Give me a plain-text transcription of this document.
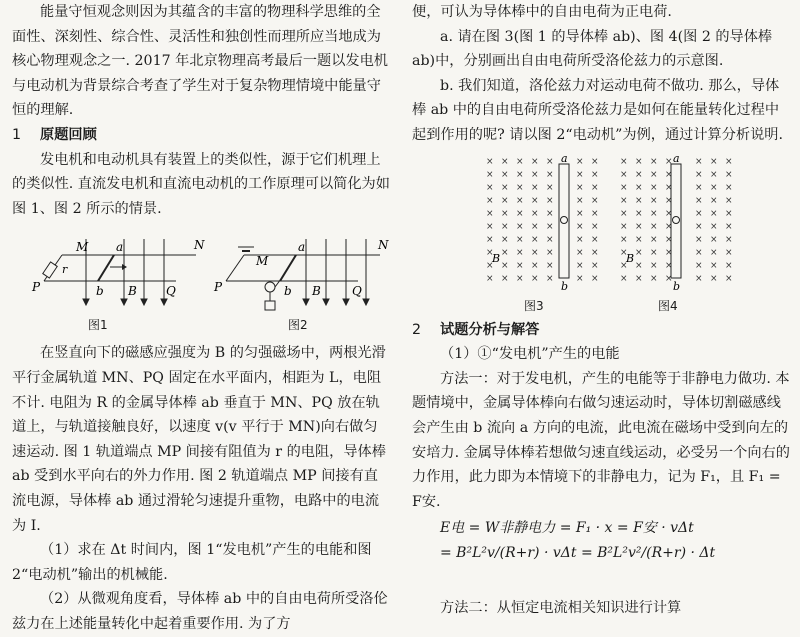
能量守恒观念则因为其蕴含的丰富的物理科学思维的全面性、深刻性、综合性、灵活性和独创性而理所应当地成为核心物理观念之一. 2017 年北京物理高考最后一题以发电机与电动机为背景综合考查了学生对于复杂物理情境中能量守恒的理解.

1 原题回顾

发电机和电动机具有装置上的类似性，源于它们机理上的类似性. 直流发电机和直流电动机的工作原理可以简化为如图 1、图 2 所示的情景.

P
M a
b B Q
N
r
图1
P
M
a
b B	Q
N
图2

在竖直向下的磁感应强度为 B 的匀强磁场中，两根光滑平行金属轨道 MN、PQ 固定在水平面内，相距为 L，电阻不计. 电阻为 R 的金属导体棒 ab 垂直于 MN、PQ 放在轨道上，与轨道接触良好，以速度 v(v 平行于 MN)向右做匀速运动. 图 1 轨道端点 MP 间接有阻值为 r 的电阻，导体棒 ab 受到水平向右的外力作用. 图 2 轨道端点 MP 间接有直流电源，导体棒 ab 通过滑轮匀速提升重物，电路中的电流为 I.

（1）求在 Δt 时间内，图 1“发电机”产生的电能和图 2“电动机”输出的机械能.

（2）从微观角度看，导体棒 ab 中的自由电荷所受洛伦兹力在上述能量转化中起着重要作用. 为了方

便，可认为导体棒中的自由电荷为正电荷.

a. 请在图 3(图 1 的导体棒 ab)、图 4(图 2 的导体棒 ab)中，分别画出自由电荷所受洛伦兹力的示意图.

b. 我们知道，洛伦兹力对运动电荷不做功. 那么，导体棒 ab 中的自由电荷所受洛伦兹力是如何在能量转化过程中起到作用的呢? 请以图 2“电动机”为例，通过计算分析说明.

× × × × × × ×
× × × × × × ×
× × × × × × ×
× × × × × × ×
× × × × × × ×
× × × × × × ×
× × × × × × ×
× × × × × × ×
× × × × × × ×
× × × × × × ×
a
b
B
图3
× × × × × × ×
× × × × × × ×
× × × × × × ×
× × × × × × ×
× × × × × × ×
× × × × × × ×
× × × × × × ×
× × × × × × ×
× × × × × × ×
× × × × × × ×
a
b
B
图4

2 试题分析与解答

（1）①“发电机”产生的电能

方法一：对于发电机，产生的电能等于非静电力做功. 本题情境中，金属导体棒向右做匀速运动时，导体切割磁感线会产生由 b 流向 a 方向的电流，此电流在磁场中受到向左的安培力. 金属导体棒若想做匀速直线运动，必受另一个向右的力作用，此力即为本情境下的非静电力，记为 F₁，且 F₁ = F安.

E电 = W非静电力 = F₁ · x = F安 · vΔt
= B²L²v/(R+r) · vΔt = B²L²v²/(R+r) · Δt

方法二：从恒定电流相关知识进行计算
